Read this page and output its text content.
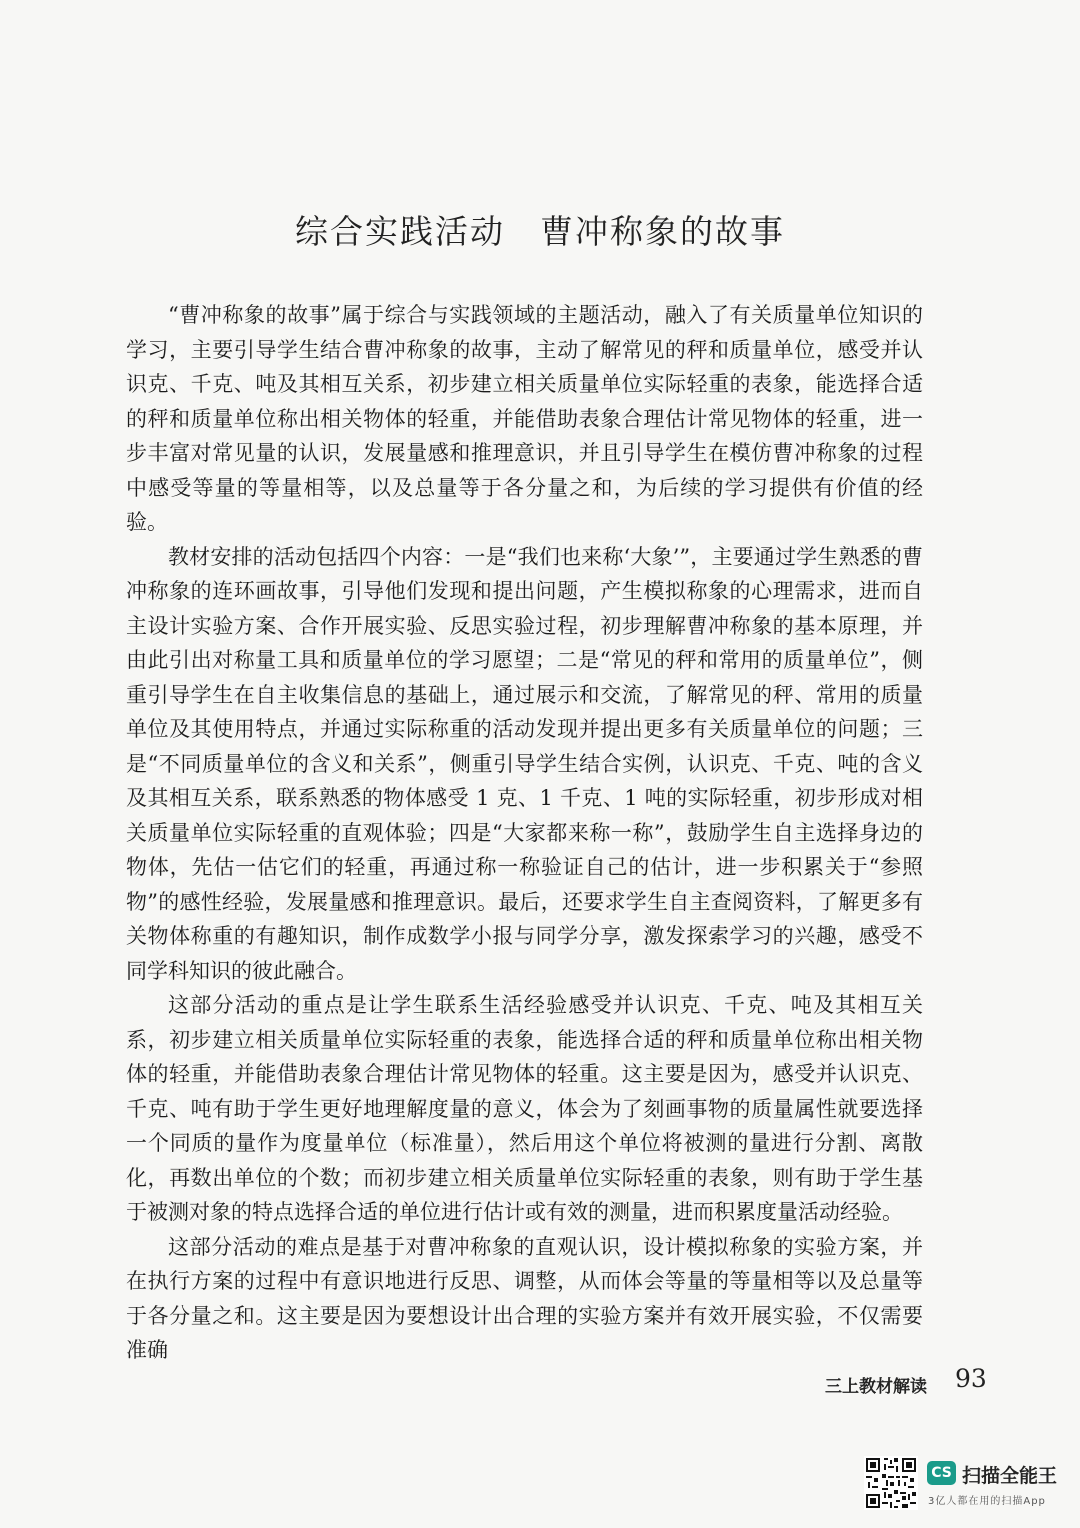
综合实践活动　曹冲称象的故事

“曹冲称象的故事”属于综合与实践领域的主题活动，融入了有关质量单位知识的学习，主要引导学生结合曹冲称象的故事，主动了解常见的秤和质量单位，感受并认识克、千克、吨及其相互关系，初步建立相关质量单位实际轻重的表象，能选择合适的秤和质量单位称出相关物体的轻重，并能借助表象合理估计常见物体的轻重，进一步丰富对常见量的认识，发展量感和推理意识，并且引导学生在模仿曹冲称象的过程中感受等量的等量相等，以及总量等于各分量之和，为后续的学习提供有价值的经验。

教材安排的活动包括四个内容：一是“我们也来称‘大象’”，主要通过学生熟悉的曹冲称象的连环画故事，引导他们发现和提出问题，产生模拟称象的心理需求，进而自主设计实验方案、合作开展实验、反思实验过程，初步理解曹冲称象的基本原理，并由此引出对称量工具和质量单位的学习愿望；二是“常见的秤和常用的质量单位”，侧重引导学生在自主收集信息的基础上，通过展示和交流，了解常见的秤、常用的质量单位及其使用特点，并通过实际称重的活动发现并提出更多有关质量单位的问题；三是“不同质量单位的含义和关系”，侧重引导学生结合实例，认识克、千克、吨的含义及其相互关系，联系熟悉的物体感受 1 克、1 千克、1 吨的实际轻重，初步形成对相关质量单位实际轻重的直观体验；四是“大家都来称一称”，鼓励学生自主选择身边的物体，先估一估它们的轻重，再通过称一称验证自己的估计，进一步积累关于“参照物”的感性经验，发展量感和推理意识。最后，还要求学生自主查阅资料，了解更多有关物体称重的有趣知识，制作成数学小报与同学分享，激发探索学习的兴趣，感受不同学科知识的彼此融合。

这部分活动的重点是让学生联系生活经验感受并认识克、千克、吨及其相互关系，初步建立相关质量单位实际轻重的表象，能选择合适的秤和质量单位称出相关物体的轻重，并能借助表象合理估计常见物体的轻重。这主要是因为，感受并认识克、千克、吨有助于学生更好地理解度量的意义，体会为了刻画事物的质量属性就要选择一个同质的量作为度量单位（标准量），然后用这个单位将被测的量进行分割、离散化，再数出单位的个数；而初步建立相关质量单位实际轻重的表象，则有助于学生基于被测对象的特点选择合适的单位进行估计或有效的测量，进而积累度量活动经验。

这部分活动的难点是基于对曹冲称象的直观认识，设计模拟称象的实验方案，并在执行方案的过程中有意识地进行反思、调整，从而体会等量的等量相等以及总量等于各分量之和。这主要是因为要想设计出合理的实验方案并有效开展实验，不仅需要准确

三上教材解读 93
CS 扫描全能王
3亿人都在用的扫描App
